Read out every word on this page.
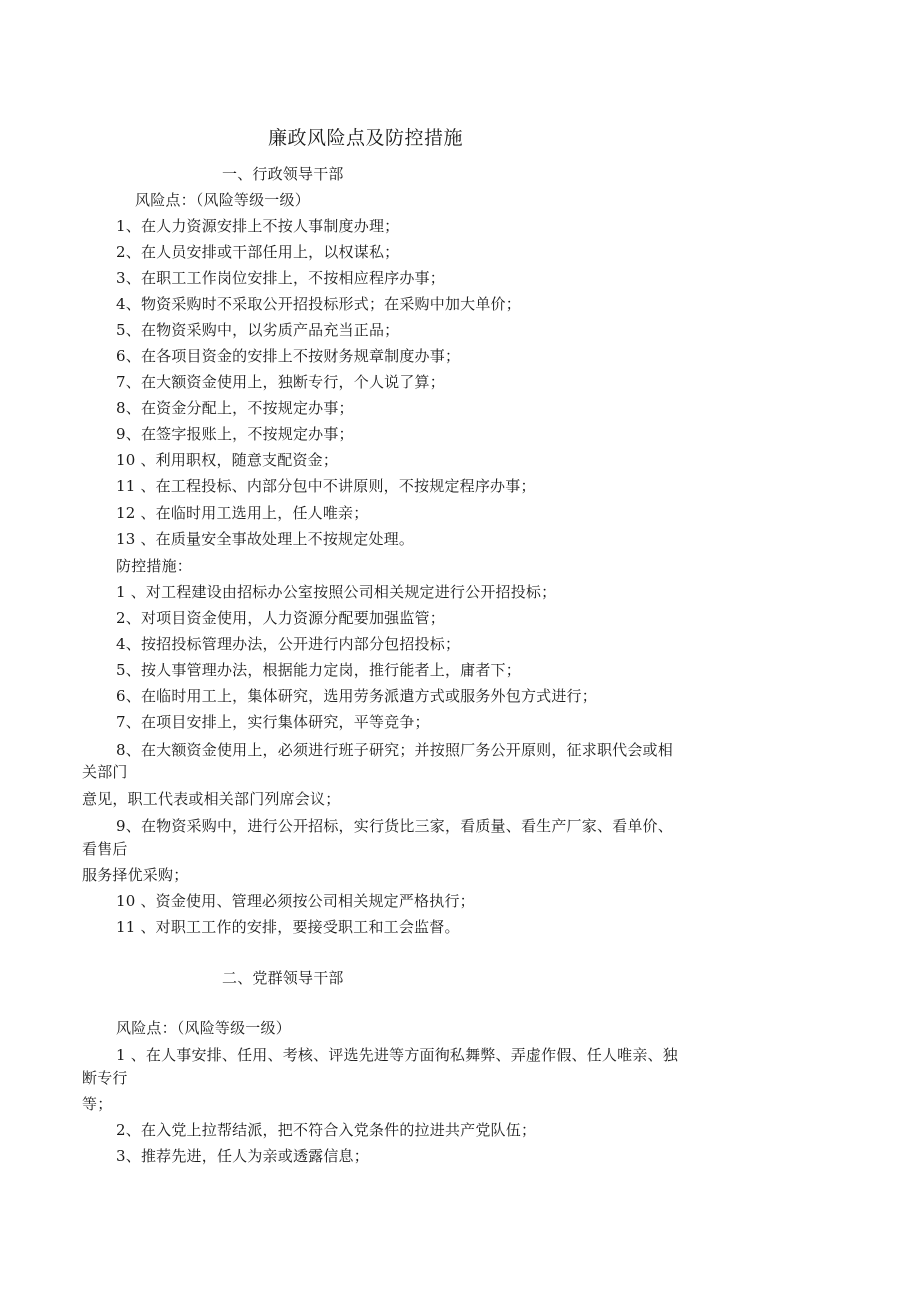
廉政风险点及防控措施
一、行政领导干部
风险点：（风险等级一级）
1、在人力资源安排上不按人事制度办理；
2、在人员安排或干部任用上，以权谋私；
3、在职工工作岗位安排上，不按相应程序办事；
4、物资采购时不采取公开招投标形式；在采购中加大单价；
5、在物资采购中，以劣质产品充当正品；
6、在各项目资金的安排上不按财务规章制度办事；
7、在大额资金使用上，独断专行，个人说了算；
8、在资金分配上，不按规定办事；
9、在签字报账上，不按规定办事；
10 、利用职权，随意支配资金；
11 、在工程投标、内部分包中不讲原则，不按规定程序办事；
12 、在临时用工选用上，任人唯亲；
13 、在质量安全事故处理上不按规定处理。
防控措施：
1 、对工程建设由招标办公室按照公司相关规定进行公开招投标；
2、对项目资金使用，人力资源分配要加强监管；
4、按招投标管理办法，公开进行内部分包招投标；
5、按人事管理办法，根据能力定岗，推行能者上，庸者下；
6、在临时用工上，集体研究，选用劳务派遣方式或服务外包方式进行；
7、在项目安排上，实行集体研究，平等竞争；
8、在大额资金使用上，必须进行班子研究；并按照厂务公开原则，征求职代会或相
关部门
意见，职工代表或相关部门列席会议；
9、在物资采购中，进行公开招标，实行货比三家，看质量、看生产厂家、看单价、
看售后
服务择优采购；
10 、资金使用、管理必须按公司相关规定严格执行；
11 、对职工工作的安排，要接受职工和工会监督。
二、党群领导干部
风险点：（风险等级一级）
1 、在人事安排、任用、考核、评选先进等方面徇私舞弊、弄虚作假、任人唯亲、独
断专行
等；
2、在入党上拉帮结派，把不符合入党条件的拉进共产党队伍；
3、推荐先进，任人为亲或透露信息；
